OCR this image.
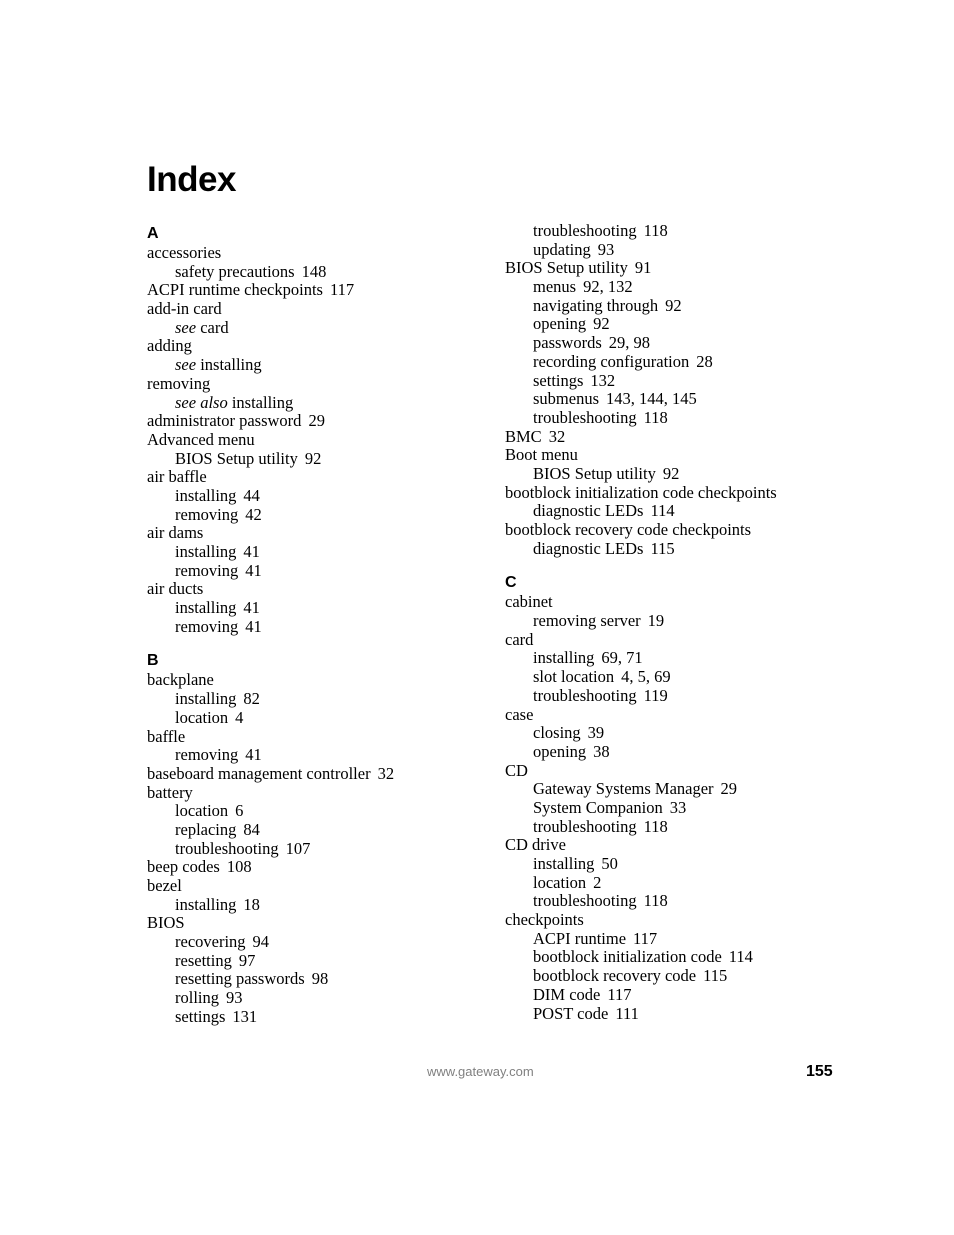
Index
A
accessories
safety precautions 148
ACPI runtime checkpoints 117
add-in card
see card
adding
see installing
removing
see also installing
administrator password 29
Advanced menu
BIOS Setup utility 92
air baffle
installing 44
removing 42
air dams
installing 41
removing 41
air ducts
installing 41
removing 41
B
backplane
installing 82
location 4
baffle
removing 41
baseboard management controller 32
battery
location 6
replacing 84
troubleshooting 107
beep codes 108
bezel
installing 18
BIOS
recovering 94
resetting 97
resetting passwords 98
rolling 93
settings 131
troubleshooting 118
updating 93
BIOS Setup utility 91
menus 92, 132
navigating through 92
opening 92
passwords 29, 98
recording configuration 28
settings 132
submenus 143, 144, 145
troubleshooting 118
BMC 32
Boot menu
BIOS Setup utility 92
bootblock initialization code checkpoints
diagnostic LEDs 114
bootblock recovery code checkpoints
diagnostic LEDs 115
C
cabinet
removing server 19
card
installing 69, 71
slot location 4, 5, 69
troubleshooting 119
case
closing 39
opening 38
CD
Gateway Systems Manager 29
System Companion 33
troubleshooting 118
CD drive
installing 50
location 2
troubleshooting 118
checkpoints
ACPI runtime 117
bootblock initialization code 114
bootblock recovery code 115
DIM code 117
POST code 111
www.gateway.com	155
